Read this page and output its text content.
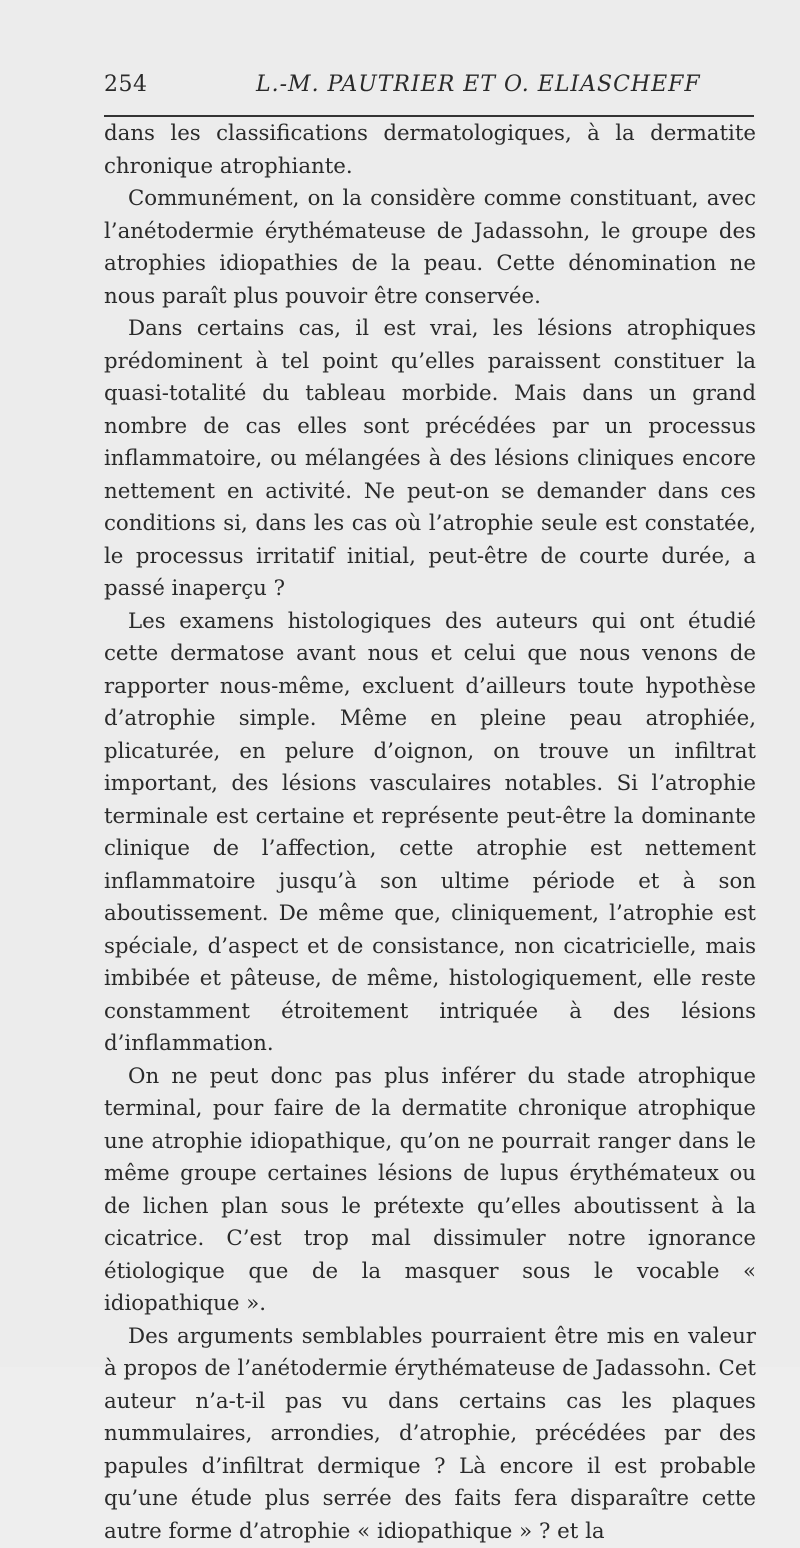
254	L.-M. PAUTRIER ET O. ELIASCHEFF

dans les classifications dermatologiques, à la dermatite chronique atrophiante.

Communément, on la considère comme constituant, avec l’anétodermie érythémateuse de Jadassohn, le groupe des atrophies idiopathies de la peau. Cette dénomination ne nous paraît plus pouvoir être conservée.

Dans certains cas, il est vrai, les lésions atrophiques prédominent à tel point qu’elles paraissent constituer la quasi-totalité du tableau morbide. Mais dans un grand nombre de cas elles sont précédées par un processus inflammatoire, ou mélangées à des lésions cliniques encore nettement en activité. Ne peut-on se demander dans ces conditions si, dans les cas où l’atrophie seule est constatée, le processus irritatif initial, peut-être de courte durée, a passé inaperçu ?

Les examens histologiques des auteurs qui ont étudié cette dermatose avant nous et celui que nous venons de rapporter nous-même, excluent d’ailleurs toute hypothèse d’atrophie simple. Même en pleine peau atrophiée, plicaturée, en pelure d’oignon, on trouve un infiltrat important, des lésions vasculaires notables. Si l’atrophie terminale est certaine et représente peut-être la dominante clinique de l’affection, cette atrophie est nettement inflammatoire jusqu’à son ultime période et à son aboutissement. De même que, cliniquement, l’atrophie est spéciale, d’aspect et de consistance, non cicatricielle, mais imbibée et pâteuse, de même, histologiquement, elle reste constamment étroitement intriquée à des lésions d’inflammation.

On ne peut donc pas plus inférer du stade atrophique terminal, pour faire de la dermatite chronique atrophique une atrophie idiopathique, qu’on ne pourrait ranger dans le même groupe certaines lésions de lupus érythémateux ou de lichen plan sous le prétexte qu’elles aboutissent à la cicatrice. C’est trop mal dissimuler notre ignorance étiologique que de la masquer sous le vocable « idiopathique ».

Des arguments semblables pourraient être mis en valeur à propos de l’anétodermie érythémateuse de Jadassohn. Cet auteur n’a-t-il pas vu dans certains cas les plaques nummulaires, arrondies, d’atrophie, précédées par des papules d’infiltrat dermique ? Là encore il est probable qu’une étude plus serrée des faits fera disparaître cette autre forme d’atrophie « idiopathique » ? et la
